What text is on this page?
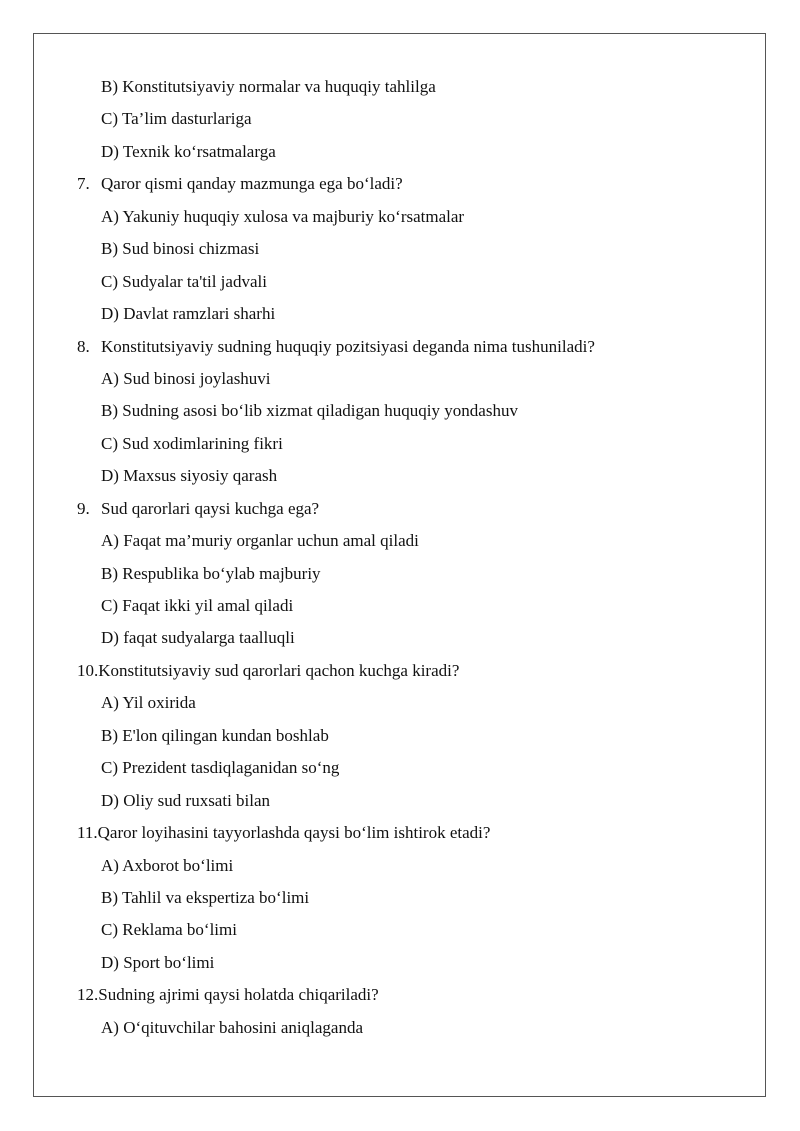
B) Konstitutsiyaviy normalar va huquqiy tahlilga
C) Ta’lim dasturlariga
D) Texnik ko‘rsatmalarga
7. Qaror qismi qanday mazmunga ega bo‘ladi?
A) Yakuniy huquqiy xulosa va majburiy ko‘rsatmalar
B) Sud binosi chizmasi
C) Sudyalar ta'til jadvali
D) Davlat ramzlari sharhi
8. Konstitutsiyaviy sudning huquqiy pozitsiyasi deganda nima tushuniladi?
A) Sud binosi joylashuvi
B) Sudning asosi bo‘lib xizmat qiladigan huquqiy yondashuv
C) Sud xodimlarining fikri
D) Maxsus siyosiy qarash
9. Sud qarorlari qaysi kuchga ega?
A) Faqat ma’muriy organlar uchun amal qiladi
B) Respublika bo‘ylab majburiy
C) Faqat ikki yil amal qiladi
D) faqat sudyalarga taalluqli
10. Konstitutsiyaviy sud qarorlari qachon kuchga kiradi?
A) Yil oxirida
B) E'lon qilingan kundan boshlab
C) Prezident tasdiqlaganidan so‘ng
D) Oliy sud ruxsati bilan
11. Qaror loyihasini tayyorlashda qaysi bo‘lim ishtirok etadi?
A) Axborot bo‘limi
B) Tahlil va ekspertiza bo‘limi
C) Reklama bo‘limi
D) Sport bo‘limi
12. Sudning ajrimi qaysi holatda chiqariladi?
A) O‘qituvchilar bahosini aniqlaganda
